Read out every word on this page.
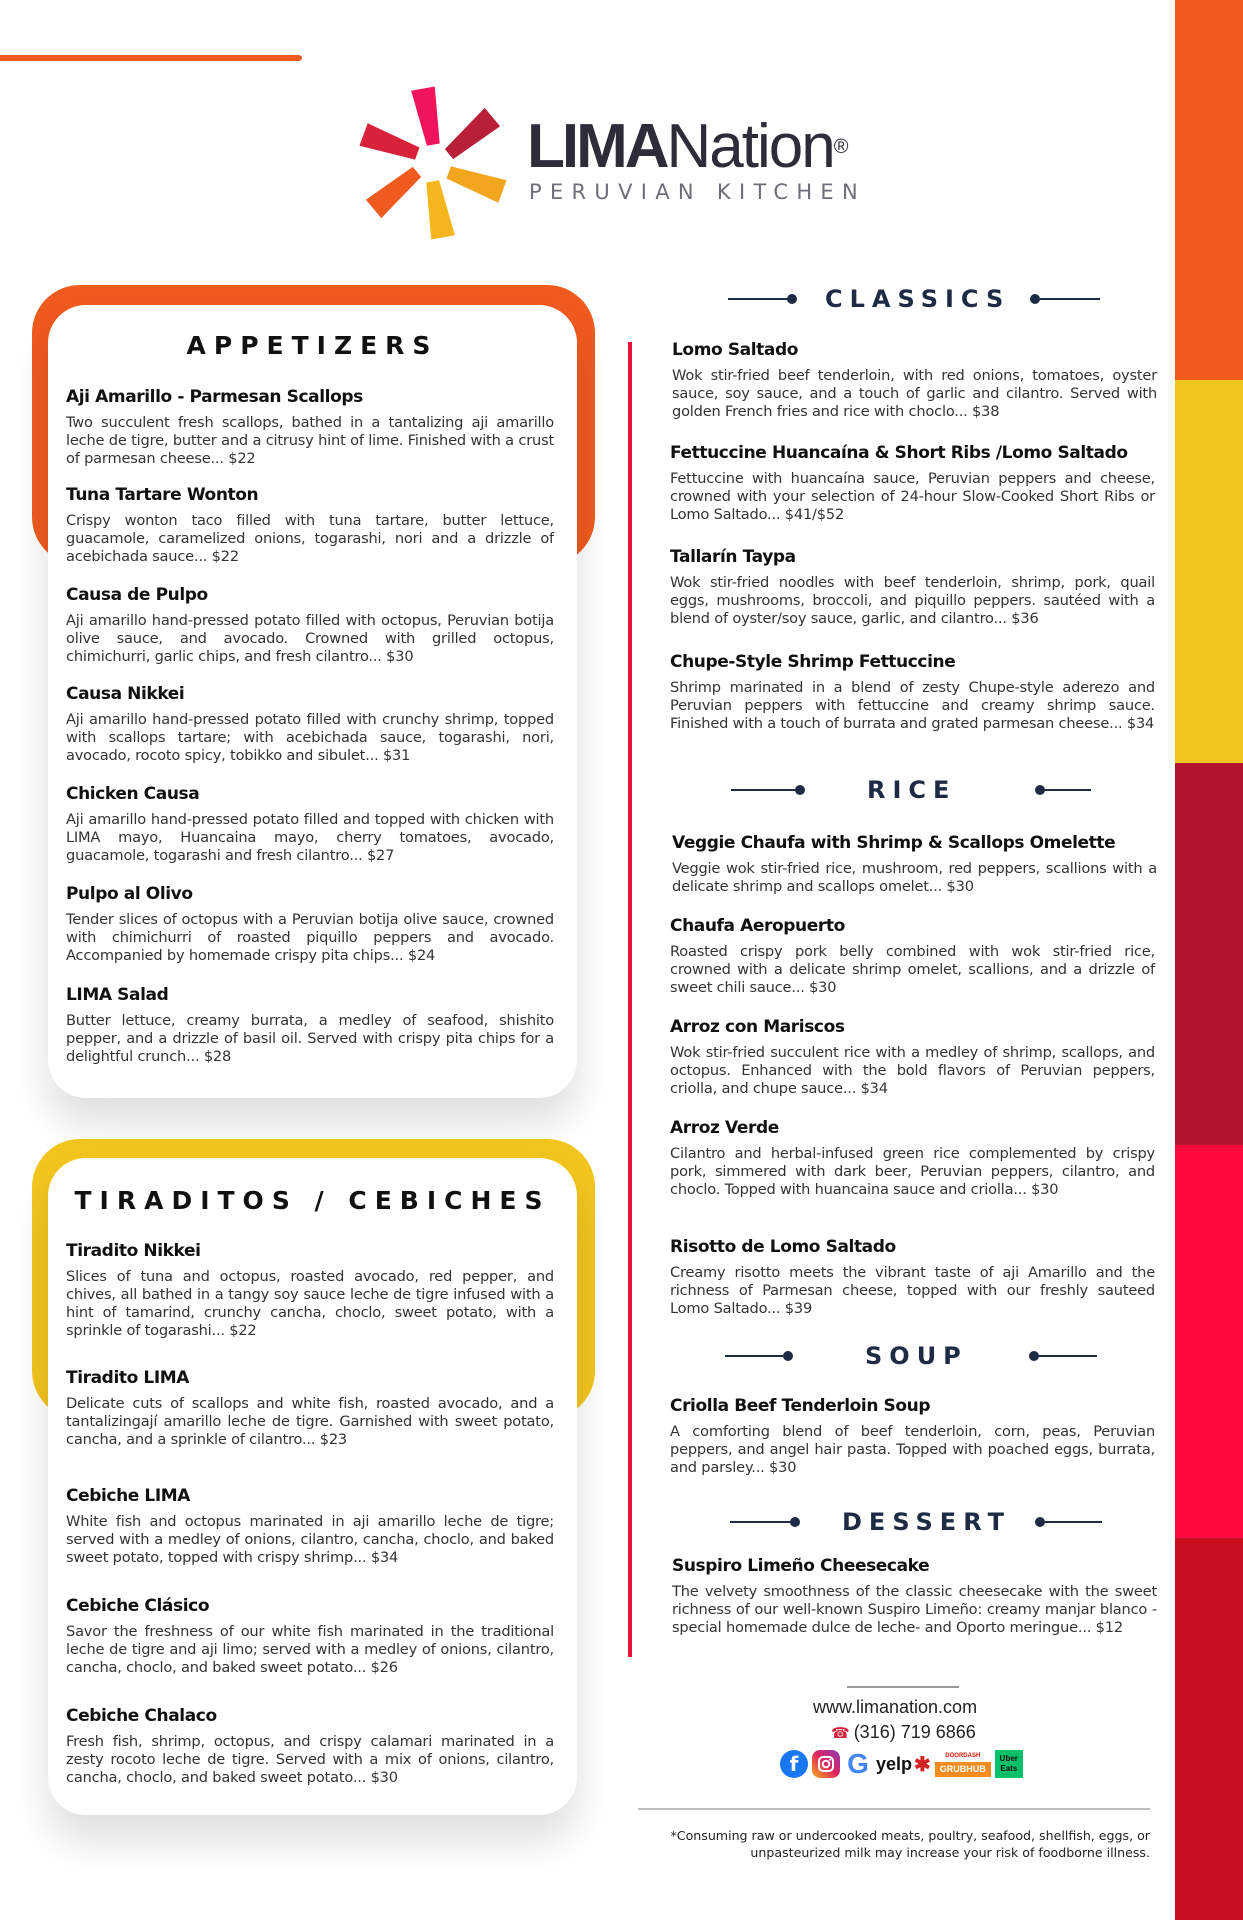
LIMANation®
PERUVIAN KITCHEN
APPETIZERS
Aji Amarillo - Parmesan Scallops
Two succulent fresh scallops, bathed in a tantalizing aji amarillo leche de tigre, butter and a citrusy hint of lime. Finished with a crust of parmesan cheese... $22
Tuna Tartare Wonton
Crispy wonton taco filled with tuna tartare, butter lettuce, guacamole, caramelized onions, togarashi, nori and a drizzle of acebichada sauce... $22
Causa de Pulpo
Aji amarillo hand-pressed potato filled with octopus, Peruvian botija olive sauce, and avocado. Crowned with grilled octopus, chimichurri, garlic chips, and fresh cilantro... $30
Causa Nikkei
Aji amarillo hand-pressed potato filled with crunchy shrimp, topped with scallops tartare; with acebichada sauce, togarashi, nori, avocado, rocoto spicy, tobikko and sibulet... $31
Chicken Causa
Aji amarillo hand-pressed potato filled and topped with chicken with LIMA mayo, Huancaina mayo, cherry tomatoes, avocado, guacamole, togarashi and fresh cilantro... $27
Pulpo al Olivo
Tender slices of octopus with a Peruvian botija olive sauce, crowned with chimichurri of roasted piquillo peppers and avocado. Accompanied by homemade crispy pita chips... $24
LIMA Salad
Butter lettuce, creamy burrata, a medley of seafood, shishito pepper, and a drizzle of basil oil. Served with crispy pita chips for a delightful crunch... $28
TIRADITOS / CEBICHES
Tiradito Nikkei
Slices of tuna and octopus, roasted avocado, red pepper, and chives, all bathed in a tangy soy sauce leche de tigre infused with a hint of tamarind, crunchy cancha, choclo, sweet potato, with a sprinkle of togarashi... $22
Tiradito LIMA
Delicate cuts of scallops and white fish, roasted avocado, and a tantalizingají amarillo leche de tigre. Garnished with sweet potato, cancha, and a sprinkle of cilantro... $23
Cebiche LIMA
White fish and octopus marinated in aji amarillo leche de tigre; served with a medley of onions, cilantro, cancha, choclo, and baked sweet potato, topped with crispy shrimp... $34
Cebiche Clásico
Savor the freshness of our white fish marinated in the traditional leche de tigre and aji limo; served with a medley of onions, cilantro, cancha, choclo, and baked sweet potato... $26
Cebiche Chalaco
Fresh fish, shrimp, octopus, and crispy calamari marinated in a zesty rocoto leche de tigre. Served with a mix of onions, cilantro, cancha, choclo, and baked sweet potato... $30
CLASSICS
Lomo Saltado
Wok stir-fried beef tenderloin, with red onions, tomatoes, oyster sauce, soy sauce, and a touch of garlic and cilantro. Served with golden French fries and rice with choclo... $38
Fettuccine Huancaína & Short Ribs /Lomo Saltado
Fettuccine with huancaína sauce, Peruvian peppers and cheese, crowned with your selection of 24-hour Slow-Cooked Short Ribs or Lomo Saltado... $41/$52
Tallarín Taypa
Wok stir-fried noodles with beef tenderloin, shrimp, pork, quail eggs, mushrooms, broccoli, and piquillo peppers. sautéed with a blend of oyster/soy sauce, garlic, and cilantro... $36
Chupe-Style Shrimp Fettuccine
Shrimp marinated in a blend of zesty Chupe-style aderezo and Peruvian peppers with fettuccine and creamy shrimp sauce. Finished with a touch of burrata and grated parmesan cheese... $34
RICE
Veggie Chaufa with Shrimp & Scallops Omelette
Veggie wok stir-fried rice, mushroom, red peppers, scallions with a delicate shrimp and scallops omelet... $30
Chaufa Aeropuerto
Roasted crispy pork belly combined with wok stir-fried rice, crowned with a delicate shrimp omelet, scallions, and a drizzle of sweet chili sauce... $30
Arroz con Mariscos
Wok stir-fried succulent rice with a medley of shrimp, scallops, and octopus. Enhanced with the bold flavors of Peruvian peppers, criolla, and chupe sauce... $34
Arroz Verde
Cilantro and herbal-infused green rice complemented by crispy pork, simmered with dark beer, Peruvian peppers, cilantro, and choclo. Topped with huancaina sauce and criolla... $30
Risotto de Lomo Saltado
Creamy risotto meets the vibrant taste of aji Amarillo and the richness of Parmesan cheese, topped with our freshly sauteed Lomo Saltado... $39
SOUP
Criolla Beef Tenderloin Soup
A comforting blend of beef tenderloin, corn, peas, Peruvian peppers, and angel hair pasta. Topped with poached eggs, burrata, and parsley... $30
DESSERT
Suspiro Limeño Cheesecake
The velvety smoothness of the classic cheesecake with the sweet richness of our well-known Suspiro Limeño: creamy manjar blanco -special homemade dulce de leche- and Oporto meringue... $12
www.limanation.com
☎ (316) 719 6866
f	G yelp ✱	DOORDASH
GRUBHUB
Uber
Eats
*Consuming raw or undercooked meats, poultry, seafood, shellfish, eggs, or unpasteurized milk may increase your risk of foodborne illness.
